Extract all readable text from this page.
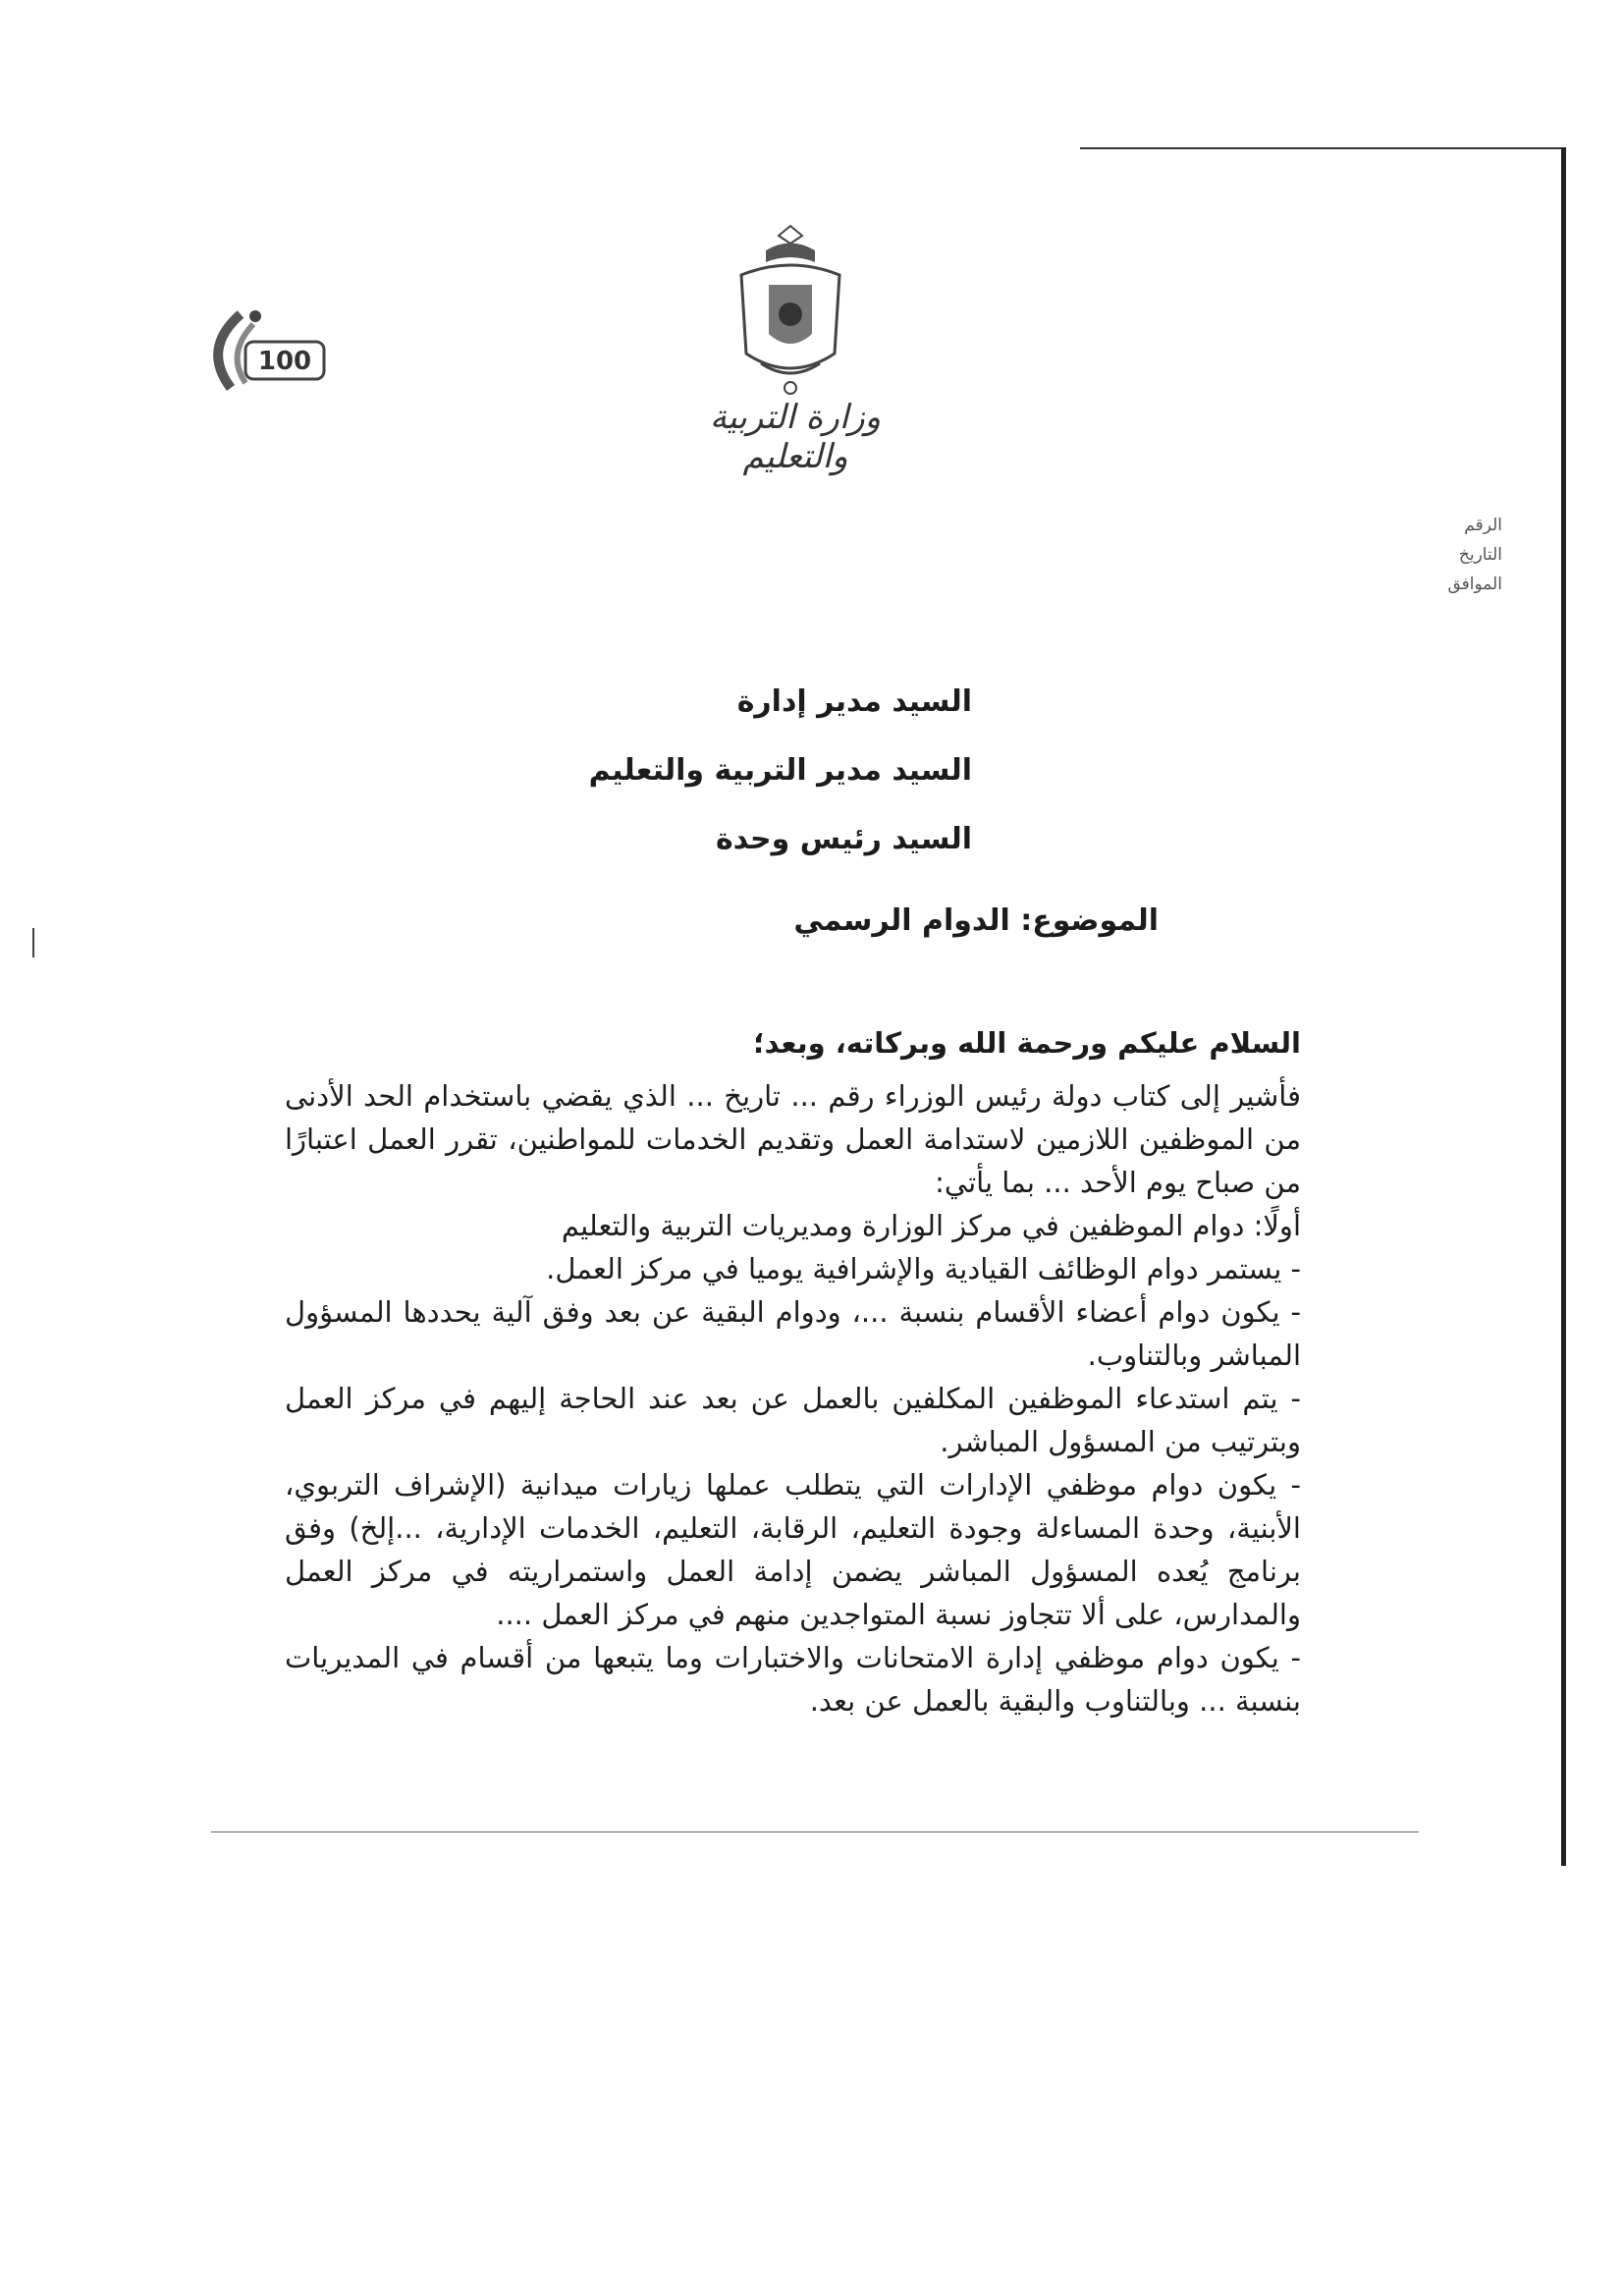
وزارة التربية والتعليم
100
الرقم
التاريخ
الموافق
السيد مدير إدارة
السيد مدير التربية والتعليم
السيد رئيس وحدة
الموضوع: الدوام الرسمي

السلام عليكم ورحمة الله وبركاته، وبعد؛

فأشير إلى كتاب دولة رئيس الوزراء رقم ... تاريخ ... الذي يقضي باستخدام الحد الأدنى من الموظفين اللازمين لاستدامة العمل وتقديم الخدمات للمواطنين، تقرر العمل اعتبارًا من صباح يوم الأحد ... بما يأتي:

أولًا: دوام الموظفين في مركز الوزارة ومديريات التربية والتعليم

- يستمر دوام الوظائف القيادية والإشرافية يوميا في مركز العمل.

- يكون دوام أعضاء الأقسام بنسبة ...، ودوام البقية عن بعد وفق آلية يحددها المسؤول المباشر وبالتناوب.

- يتم استدعاء الموظفين المكلفين بالعمل عن بعد عند الحاجة إليهم في مركز العمل وبترتيب من المسؤول المباشر.

- يكون دوام موظفي الإدارات التي يتطلب عملها زيارات ميدانية (الإشراف التربوي، الأبنية، وحدة المساءلة وجودة التعليم، الرقابة، التعليم، الخدمات الإدارية، ...إلخ) وفق برنامج يُعده المسؤول المباشر يضمن إدامة العمل واستمراريته في مركز العمل والمدارس، على ألا تتجاوز نسبة المتواجدين منهم في مركز العمل ....

- يكون دوام موظفي إدارة الامتحانات والاختبارات وما يتبعها من أقسام في المديريات بنسبة ... وبالتناوب والبقية بالعمل عن بعد.
